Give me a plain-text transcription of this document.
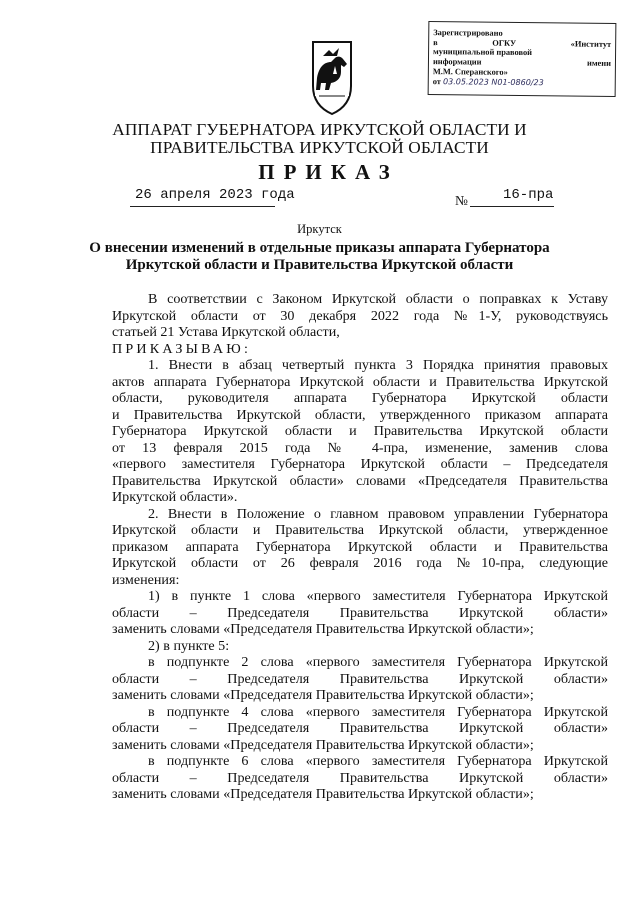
Зарегистрировано
в	ОГКУ	«Институт
муниципальной правовой
информации	имени
М.М. Сперанского»
от 03.05.2023 N01-0860/23
АППАРАТ ГУБЕРНАТОРА ИРКУТСКОЙ ОБЛАСТИ И
ПРАВИТЕЛЬСТВА ИРКУТСКОЙ ОБЛАСТИ
ПРИКАЗ
26 апреля 2023 года	№	16-пра
Иркутск
О внесении изменений в отдельные приказы аппарата Губернатора
Иркутской области и Правительства Иркутской области
В соответствии с Законом Иркутской области о поправках к Уставу
Иркутской области от 30 декабря 2022 года №1-У, руководствуясь
статьей 21 Устава Иркутской области,
ПРИКАЗЫВАЮ:
1. Внести в абзац четвертый пункта 3 Порядка принятия правовых
актов аппарата Губернатора Иркутской области и Правительства Иркутской
области, руководителя аппарата Губернатора Иркутской области
и Правительства Иркутской области, утвержденного приказом аппарата
Губернатора Иркутской области и Правительства Иркутской области
от 13 февраля 2015 года № 4-пра, изменение, заменив слова
«первого заместителя Губернатора Иркутской области – Председателя
Правительства Иркутской области» словами «Председателя Правительства
Иркутской области».
2. Внести в Положение о главном правовом управлении Губернатора
Иркутской области и Правительства Иркутской области, утвержденное
приказом аппарата Губернатора Иркутской области и Правительства
Иркутской области от 26 февраля 2016 года №10-пра, следующие
изменения:
1) в пункте 1 слова «первого заместителя Губернатора Иркутской
области – Председателя Правительства Иркутской области»
заменить словами «Председателя Правительства Иркутской области»;
2) в пункте 5:
в подпункте 2 слова «первого заместителя Губернатора Иркутской
области – Председателя Правительства Иркутской области»
заменить словами «Председателя Правительства Иркутской области»;
в подпункте 4 слова «первого заместителя Губернатора Иркутской
области – Председателя Правительства Иркутской области»
заменить словами «Председателя Правительства Иркутской области»;
в подпункте 6 слова «первого заместителя Губернатора Иркутской
области – Председателя Правительства Иркутской области»
заменить словами «Председателя Правительства Иркутской области»;
